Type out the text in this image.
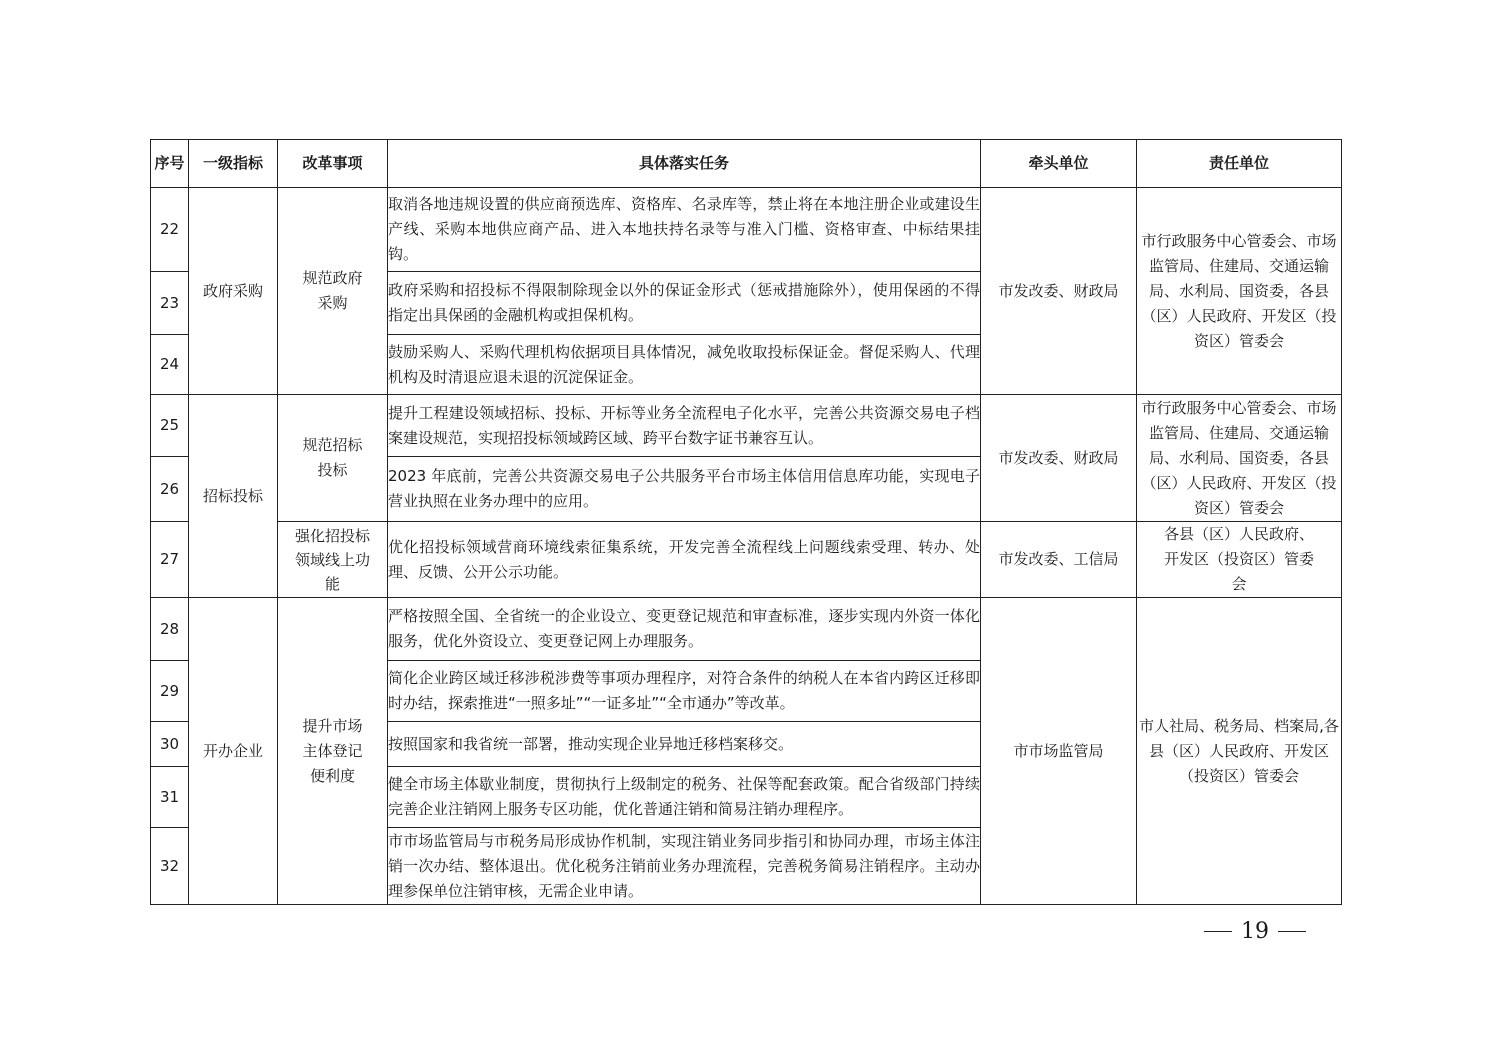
序号	一级指标	改革事项	具体落实任务	牵头单位	责任单位
22	政府采购	规范政府采购	取消各地违规设置的供应商预选库、资格库、名录库等，禁止将在本地注册企业或建设生产线、采购本地供应商产品、进入本地扶持名录等与准入门槛、资格审查、中标结果挂钩。	市发改委、财政局	市行政服务中心管委会、市场监管局、住建局、交通运输局、水利局、国资委，各县（区）人民政府、开发区（投资区）管委会
23			政府采购和招投标不得限制除现金以外的保证金形式（惩戒措施除外），使用保函的不得指定出具保函的金融机构或担保机构。		
24			鼓励采购人、采购代理机构依据项目具体情况，减免收取投标保证金。督促采购人、代理机构及时清退应退未退的沉淀保证金。		
25	招标投标	规范招标投标	提升工程建设领域招标、投标、开标等业务全流程电子化水平，完善公共资源交易电子档案建设规范，实现招投标领域跨区域、跨平台数字证书兼容互认。	市发改委、财政局	市行政服务中心管委会、市场监管局、住建局、交通运输局、水利局、国资委，各县（区）人民政府、开发区（投资区）管委会
26			2023 年底前，完善公共资源交易电子公共服务平台市场主体信用信息库功能，实现电子营业执照在业务办理中的应用。		
27		强化招投标领域线上功能	优化招投标领域营商环境线索征集系统，开发完善全流程线上问题线索受理、转办、处理、反馈、公开公示功能。	市发改委、工信局	各县（区）人民政府、开发区（投资区）管委会
28	开办企业	提升市场主体登记便利度	严格按照全国、全省统一的企业设立、变更登记规范和审查标准，逐步实现内外资一体化服务，优化外资设立、变更登记网上办理服务。	市市场监管局	市人社局、税务局、档案局,各县（区）人民政府、开发区（投资区）管委会
29			简化企业跨区域迁移涉税涉费等事项办理程序，对符合条件的纳税人在本省内跨区迁移即时办结，探索推进“一照多址”“一证多址”“全市通办”等改革。		
30			按照国家和我省统一部署，推动实现企业异地迁移档案移交。		
31			健全市场主体歇业制度，贯彻执行上级制定的税务、社保等配套政策。配合省级部门持续完善企业注销网上服务专区功能，优化普通注销和简易注销办理程序。		
32			市市场监管局与市税务局形成协作机制，实现注销业务同步指引和协同办理，市场主体注销一次办结、整体退出。优化税务注销前业务办理流程，完善税务简易注销程序。主动办理参保单位注销审核，无需企业申请。		
19
